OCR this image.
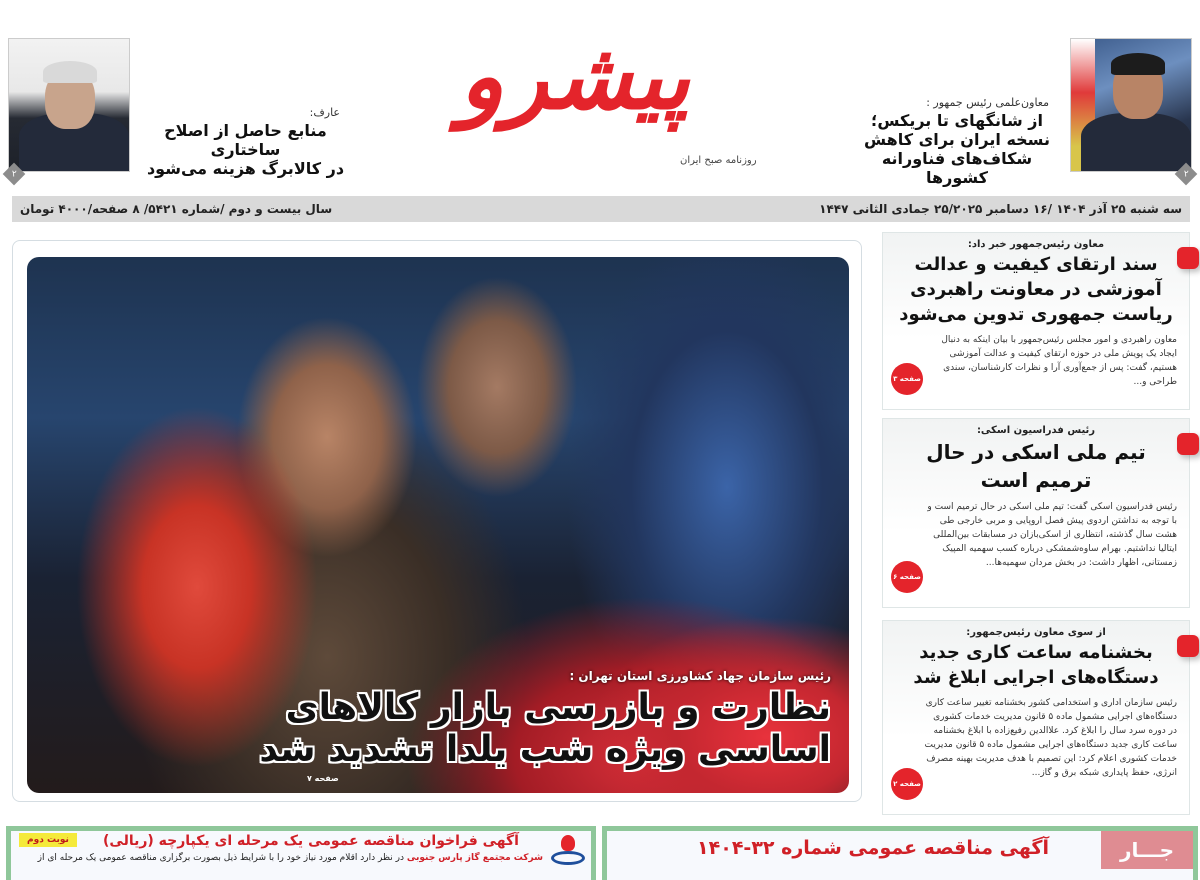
۲
معاون‌علمی رئیس جمهور :
از شانگهای تا بریکس؛
نسخه ایران برای کاهش
شکاف‌های فناورانه کشورها
پیشرو
روزنامه صبح ایران
۲
عارف:
منابع حاصل از اصلاح ساختاری
در کالابرگ هزینه می‌شود
سه شنبه ۲۵ آذر ۱۴۰۴ /۱۶ دسامبر ۲۵/۲۰۲۵ جمادی الثانی ۱۴۴۷
سال بیست و دوم /شماره ۵۴۲۱/ ۸ صفحه/۴۰۰۰ تومان
رئیس سازمان جهاد کشاورزی استان تهران :
نظارت و بازرسی بازار کالاهای
اساسی ویژه شب یلدا تشدید شد
صفحه ۷
معاون رئیس‌جمهور خبر داد:
سند ارتقای کیفیت و عدالت آموزشی در معاونت راهبردی ریاست جمهوری تدوین می‌شود
معاون راهبردی و امور مجلس رئیس‌جمهور با بیان اینکه به دنبال ایجاد یک پویش ملی در حوزه ارتقای کیفیت و عدالت آموزشی هستیم، گفت: پس از جمع‌آوری آرا و نظرات کارشناسان، سندی طراحی و...
صفحه ۳
رئیس فدراسیون اسکی:
تیم ملی اسکی در حال ترمیم است
رئیس فدراسیون اسکی گفت: تیم ملی اسکی در حال ترمیم است و با توجه به نداشتن اردوی پیش فصل اروپایی و مربی خارجی طی هشت سال گذشته، انتظاری از اسکی‌بازان در مسابقات بین‌المللی ایتالیا نداشتیم. بهرام ساوه‌شمشکی درباره کسب سهمیه المپیک زمستانی، اظهار داشت: در بخش مردان سهمیه‌ها...
صفحه ۶
از سوی معاون رئیس‌جمهور:
بخشنامه ساعت کاری جدید دستگاه‌های اجرایی ابلاغ شد
رئیس سازمان اداری و استخدامی کشور بخشنامه تغییر ساعت کاری دستگاه‌های اجرایی مشمول ماده ۵ قانون مدیریت خدمات کشوری در دوره سرد سال را ابلاغ کرد. علاالدین رفیع‌زاده با ابلاغ بخشنامه ساعت کاری جدید دستگاه‌های اجرایی مشمول ماده ۵ قانون مدیریت خدمات کشوری اعلام کرد: این تصمیم با هدف مدیریت بهینه مصرف انرژی، حفظ پایداری شبکه برق و گاز...
صفحه ۲
آگهی فراخوان مناقصه عمومی یک مرحله ای یکپارچه (ریالی)
شرکت مجتمع گاز پارس جنوبی در نظر دارد اقلام مورد نیاز خود را با شرایط ذیل بصورت برگزاری مناقصه عمومی یک مرحله ای از
نوبت دوم	جـــار
آگهی مناقصه عمومی شماره ۳۲-۱۴۰۴
